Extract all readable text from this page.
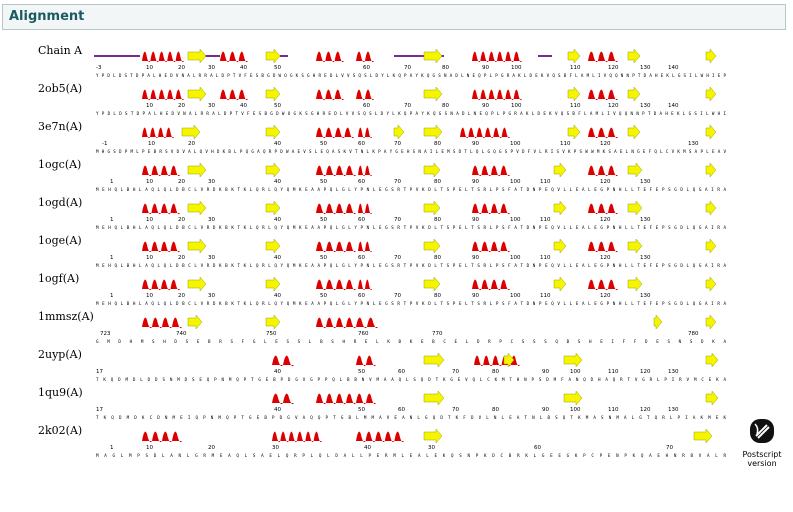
Alignment
Chain A
-3	10	20	30	40	50	60	70	80	90	100	110	120	130	140
YPDLDSTDPALHEDVNALRRALDPTVFESBGDWOGKSGHREDLVVSQSLDYLKQPAYKQGSNADLNEQPLPGRAKLDEKVQSBFLAMLIVQQNNPTDAHEKLGSILWHIEP
2ob5(A)
10	20	30	40	50	60	70	80	90	100	110	120	130	140
YPDLDSTDPALHEDVNALRRALDPTVFESBGDWOGKSGHREDLVVSQSLDYLKQPAYKQGSNADLNEQPLPGRAKLDEKVQSBFLAMLIVQQNNPTDAHEKLGSILWHI
3e7n(A)
-1	10	20	40	50	60	70	80	90	100	110	120	130
MHGSDPMLPEBRSVDVALQVHDKBLPQGAQRPDWAEVSLEQASKVTNLKPAYGEHSNAILEMSDTLQLGQGSPVDFVLRISVKPSWWMKSAELNGEFQLCVKMSAPLEAV
1ogc(A)
1	10	20	30	40	50	60	70	80	90	100	110	120	130
MEHQLBHLAQLQLDBCLVRDKBKTKLQRLQYQMKEAAPQLGLYPNLEGSRTPVKDLTSPELTSRLPSFATDNPEQVLLEALEGPNHLLTEFEPSGDLQGAIRA
1ogd(A)
1	10	20	30	40	50	60	70	80	90	100	110	120	130
MEHQLBHLAQLQLDBCLVRDKBKTKLQRLQYQMKEAAPQLGLYPNLEGSRTPVKDLTSPELTSRLPSFATDNPEQVLLEALEGPNHLLTEFEPSGDLQGAIRA
1oge(A)
1	10	20	30	40	50	60	70	80	90	100	110	120	130
MEHQLBHLAQLQLDBCLVRDKBKTKLQRLQYQMKEAAPQLGLYPNLEGSRTPVKDLTSPELTSRLPSFATDNPEQVLLEALEGPNHLLTEFEPSGDLQGAIRA
1ogf(A)
1	10	20	30	40	50	60	70	80	90	100	110	120	130
MEHQLBHLAQLQLDBCLVRDKBKTKLQRLQYQMKEAAPQLGLYPNLEGSRTPVKDLTSPELTSRLPSFATDNPEQVLLEALEGPNHLLTEFEPSGDLQGAIRA
1mmsz(A)
723	740	750	760	770	780
GMDHMSHDSEBRSFGLESSLBSHRELKBKEBCELDRPCSSSQBSHEIFFDESNSDKA
2uyp(A)
17	40	50	60	70	80	90	100	110	120	130
TKQDMDLDDSNMDSEQPNMQPTGEBPDGVGPPQLBBNVMAAQLSQDTKGEVQLCKMTHNPSDMFANQDHAQRTVGRLPIRVMCEKA
1qu9(A)
17	40	50	60	70	80	90	100	110	120	130
TKQDMDKCDNMEIQPNMQPTGEBPDGVAQQPTGBLMMAVEANLGQDTKFDVLNLEATNLBSQTKMASNMALGTQRLPIAKMEK
2k02(A)
1	10	20	30	40	30	60	70
MAGLMPSDLANLGRMEAQLSAELQRPLQLDALLPERMLEALEKQSNPKDCBRKLGEEGKPCPENPKQAEHNRBVALR Postscript
version
